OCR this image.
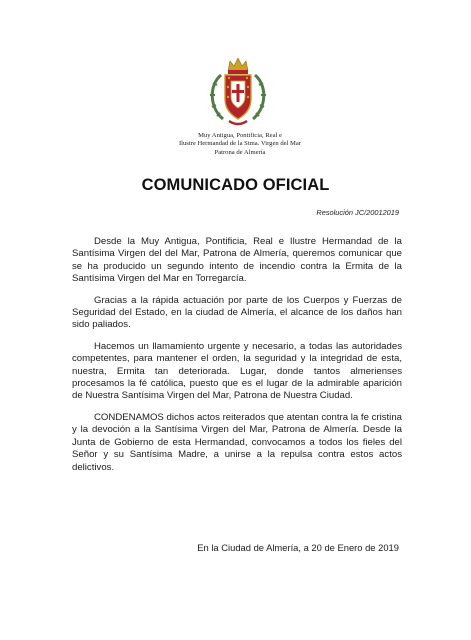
Muy Antigua, Pontificia, Real e
Ilustre Hermandad de la Stma. Virgen del Mar
Patrona de Almería
COMUNICADO OFICIAL
Resolución JC/20012019

Desde la Muy Antigua, Pontificia, Real e Ilustre Hermandad de la Santísima Virgen del del Mar, Patrona de Almería, queremos comunicar que se ha producido un segundo intento de incendio contra la Ermita de la Santísima Virgen del Mar en Torregarcía.

Gracias a la rápida actuación por parte de los Cuerpos y Fuerzas de Seguridad del Estado, en la ciudad de Almería, el alcance de los daños han sido paliados.

Hacemos un llamamiento urgente y necesario, a todas las autoridades competentes, para mantener el orden, la seguridad y la integridad de esta, nuestra, Ermita tan deteriorada. Lugar, donde tantos almerienses procesamos la fé católica, puesto que es el lugar de la admirable aparición de Nuestra Santísima Virgen del Mar, Patrona de Nuestra Ciudad.

CONDENAMOS dichos actos reiterados que atentan contra la fe cristina y la devoción a la Santísima Virgen del Mar, Patrona de Almería. Desde la Junta de Gobierno de esta Hermandad, convocamos a todos los fieles del Señor y su Santísima Madre, a unirse a la repulsa contra estos actos delictivos.

En la Ciudad de Almería, a 20 de Enero de 2019
